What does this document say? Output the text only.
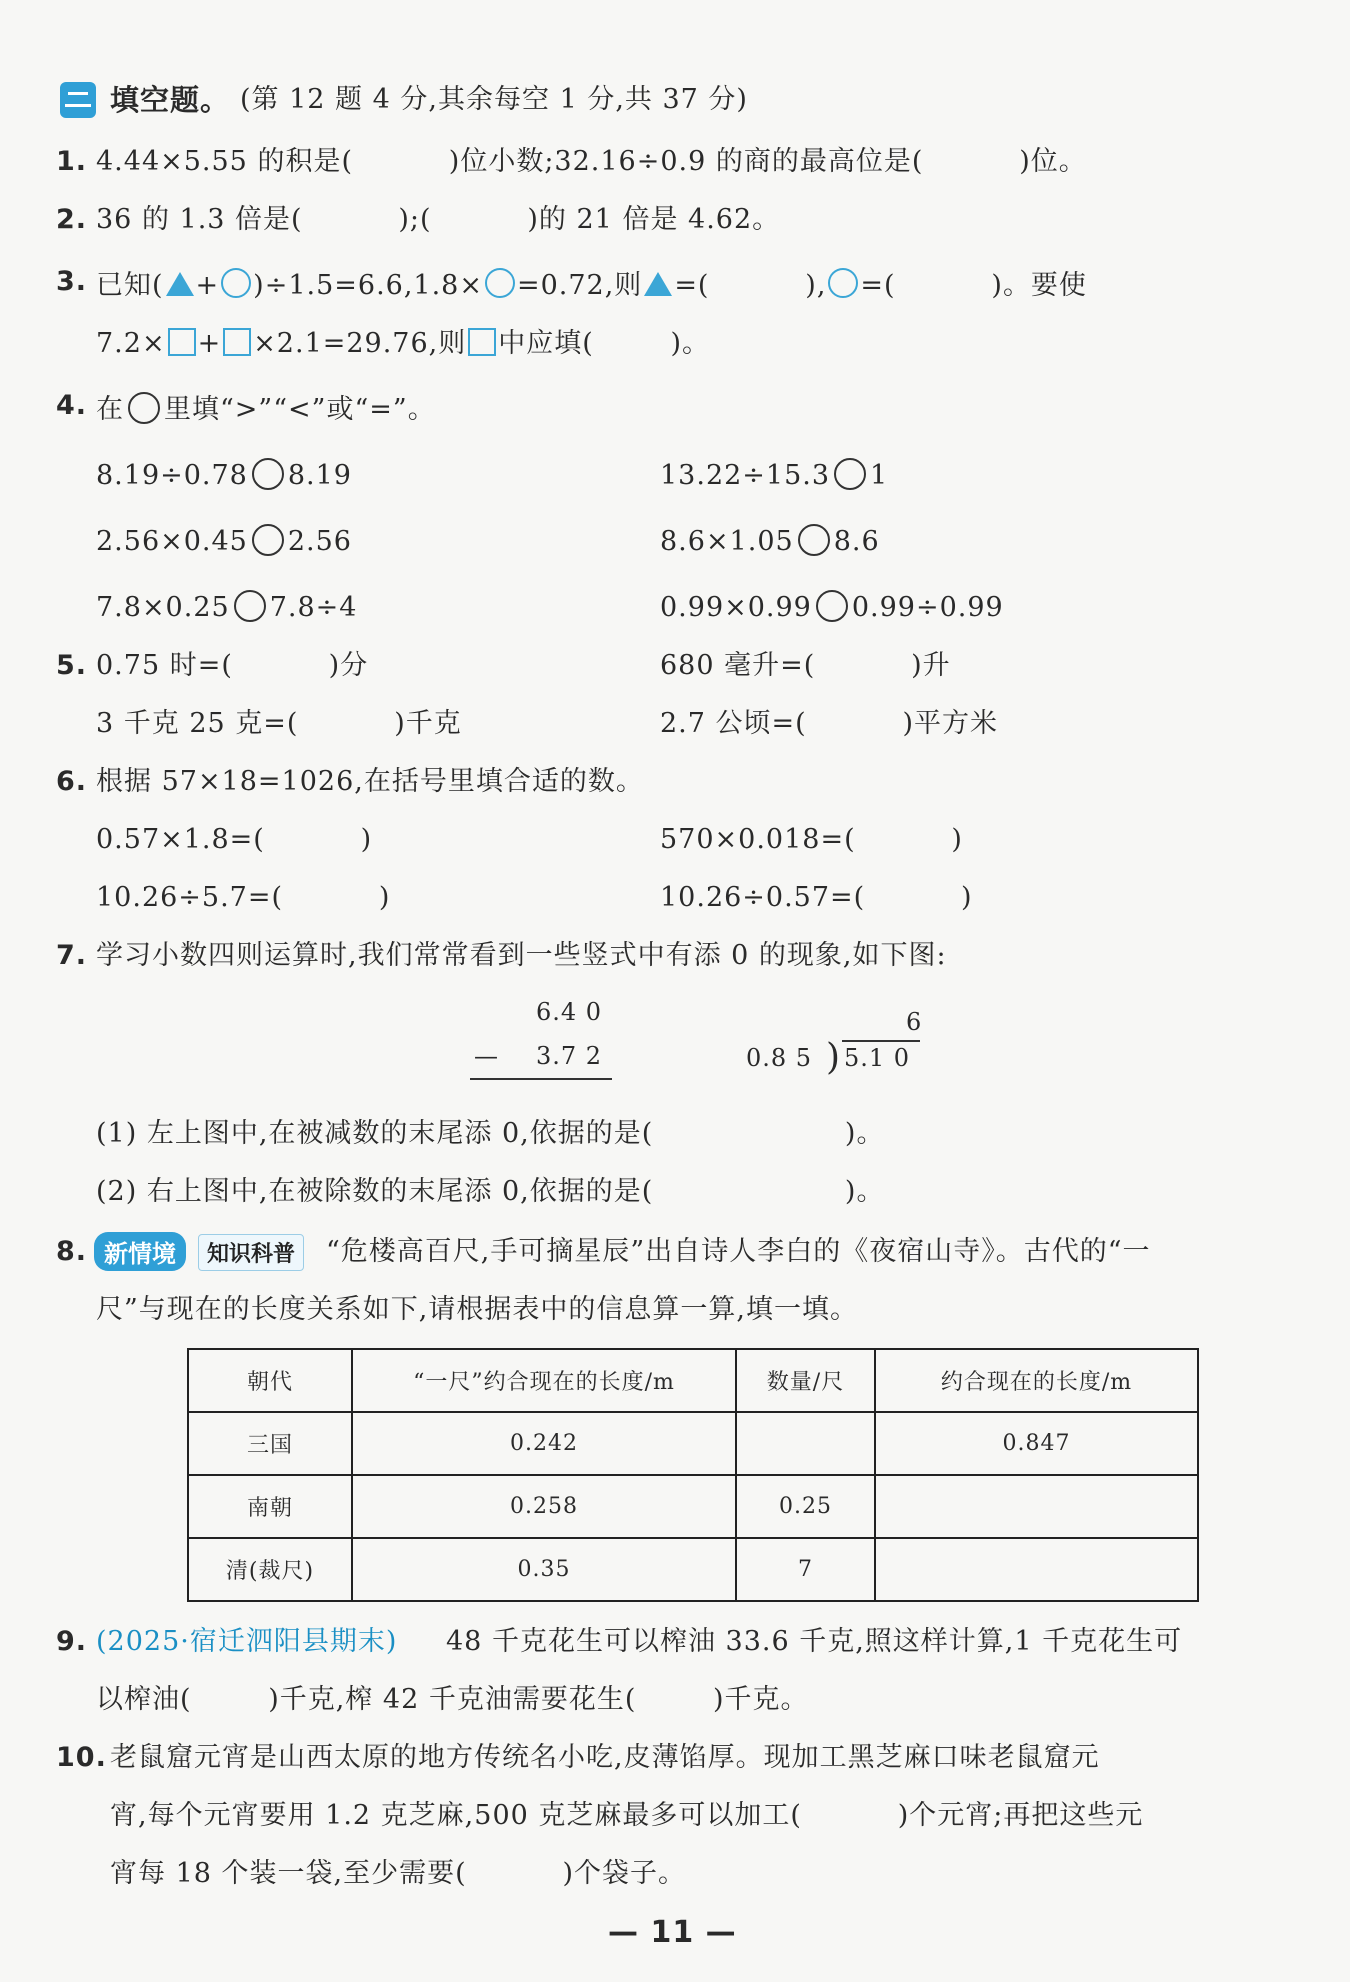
填空题。 (第 12 题 4 分,其余每空 1 分,共 37 分)
1. 4.44×5.55 的积是(          )位小数;32.16÷0.9 的商的最高位是(          )位。
2. 36 的 1.3 倍是(          );(          )的 21 倍是 4.62。
3. 已知( + )÷1.5=6.6,1.8× =0.72,则 =(          ), =(          )。要使
7.2× + ×2.1=29.76,则 中应填(        )。
4. 在 里填“>”“<”或“=”。
8.19÷0.78 8.19	13.22÷15.3 1
2.56×0.45 2.56	8.6×1.05 8.6
7.8×0.25 7.8÷4	0.99×0.99 0.99÷0.99
5. 0.75 时=(          )分	680 毫升=(          )升
3 千克 25 克=(          )千克	2.7 公顷=(          )平方米
6. 根据 57×18=1026,在括号里填合适的数。
0.57×1.8=(          )	570×0.018=(          )
10.26÷5.7=(          )	10.26÷0.57=(          )
7. 学习小数四则运算时,我们常常看到一些竖式中有添 0 的现象,如下图:
6.4 0
— 3.7 2
6
0.8 5 ) 5.1 0
(1) 左上图中,在被减数的末尾添 0,依据的是(                    )。
(2) 右上图中,在被除数的末尾添 0,依据的是(                    )。
8. 新情境	知识科普	“危楼高百尺,手可摘星辰”出自诗人李白的《夜宿山寺》。古代的“一
尺”与现在的长度关系如下,请根据表中的信息算一算,填一填。
朝代	“一尺”约合现在的长度/m	数量/尺	约合现在的长度/m
三国	0.242		0.847
南朝	0.258	0.25	
清(裁尺)	0.35	7	
9. (2025·宿迁泗阳县期末) 48 千克花生可以榨油 33.6 千克,照这样计算,1 千克花生可
以榨油(        )千克,榨 42 千克油需要花生(        )千克。
10. 老鼠窟元宵是山西太原的地方传统名小吃,皮薄馅厚。现加工黑芝麻口味老鼠窟元
宵,每个元宵要用 1.2 克芝麻,500 克芝麻最多可以加工(          )个元宵;再把这些元
宵每 18 个装一袋,至少需要(          )个袋子。
— 11 —
